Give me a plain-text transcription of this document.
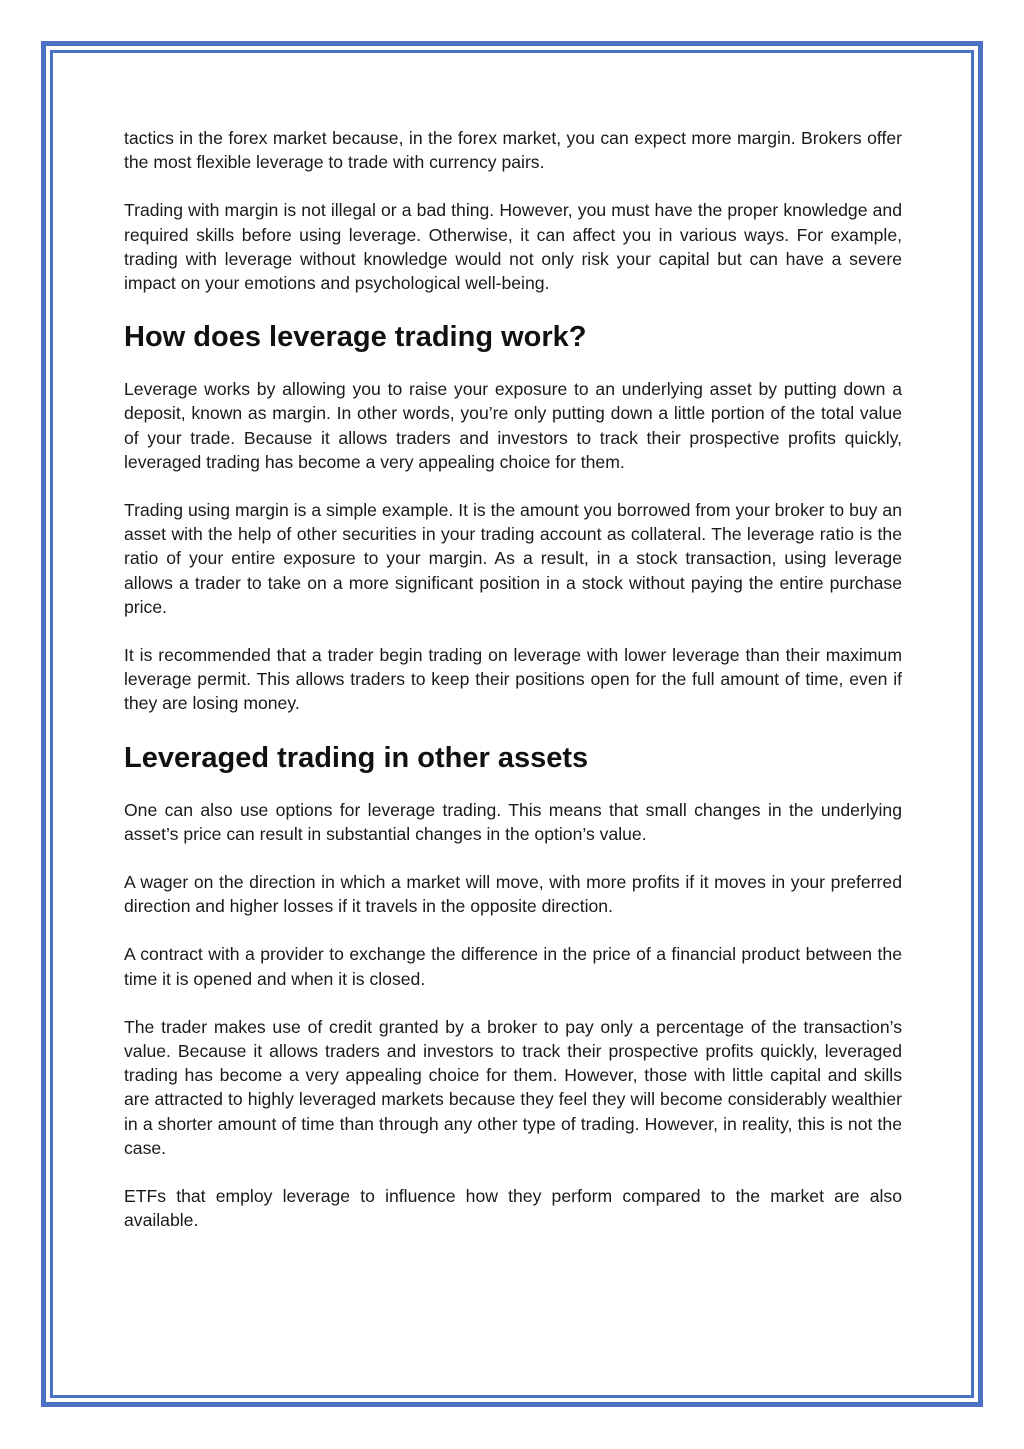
tactics in the forex market because, in the forex market, you can expect more margin. Brokers offer the most flexible leverage to trade with currency pairs.

Trading with margin is not illegal or a bad thing. However, you must have the proper knowledge and required skills before using leverage. Otherwise, it can affect you in various ways. For example, trading with leverage without knowledge would not only risk your capital but can have a severe impact on your emotions and psychological well-being.

How does leverage trading work?

Leverage works by allowing you to raise your exposure to an underlying asset by putting down a deposit, known as margin. In other words, you’re only putting down a little portion of the total value of your trade. Because it allows traders and investors to track their prospective profits quickly, leveraged trading has become a very appealing choice for them.

Trading using margin is a simple example. It is the amount you borrowed from your broker to buy an asset with the help of other securities in your trading account as collateral. The leverage ratio is the ratio of your entire exposure to your margin. As a result, in a stock transaction, using leverage allows a trader to take on a more significant position in a stock without paying the entire purchase price.

It is recommended that a trader begin trading on leverage with lower leverage than their maximum leverage permit. This allows traders to keep their positions open for the full amount of time, even if they are losing money.

Leveraged trading in other assets

One can also use options for leverage trading. This means that small changes in the underlying asset’s price can result in substantial changes in the option’s value.

A wager on the direction in which a market will move, with more profits if it moves in your preferred direction and higher losses if it travels in the opposite direction.

A contract with a provider to exchange the difference in the price of a financial product between the time it is opened and when it is closed.

The trader makes use of credit granted by a broker to pay only a percentage of the transaction’s value. Because it allows traders and investors to track their prospective profits quickly, leveraged trading has become a very appealing choice for them. However, those with little capital and skills are attracted to highly leveraged markets because they feel they will become considerably wealthier in a shorter amount of time than through any other type of trading. However, in reality, this is not the case.

ETFs that employ leverage to influence how they perform compared to the market are also available.
